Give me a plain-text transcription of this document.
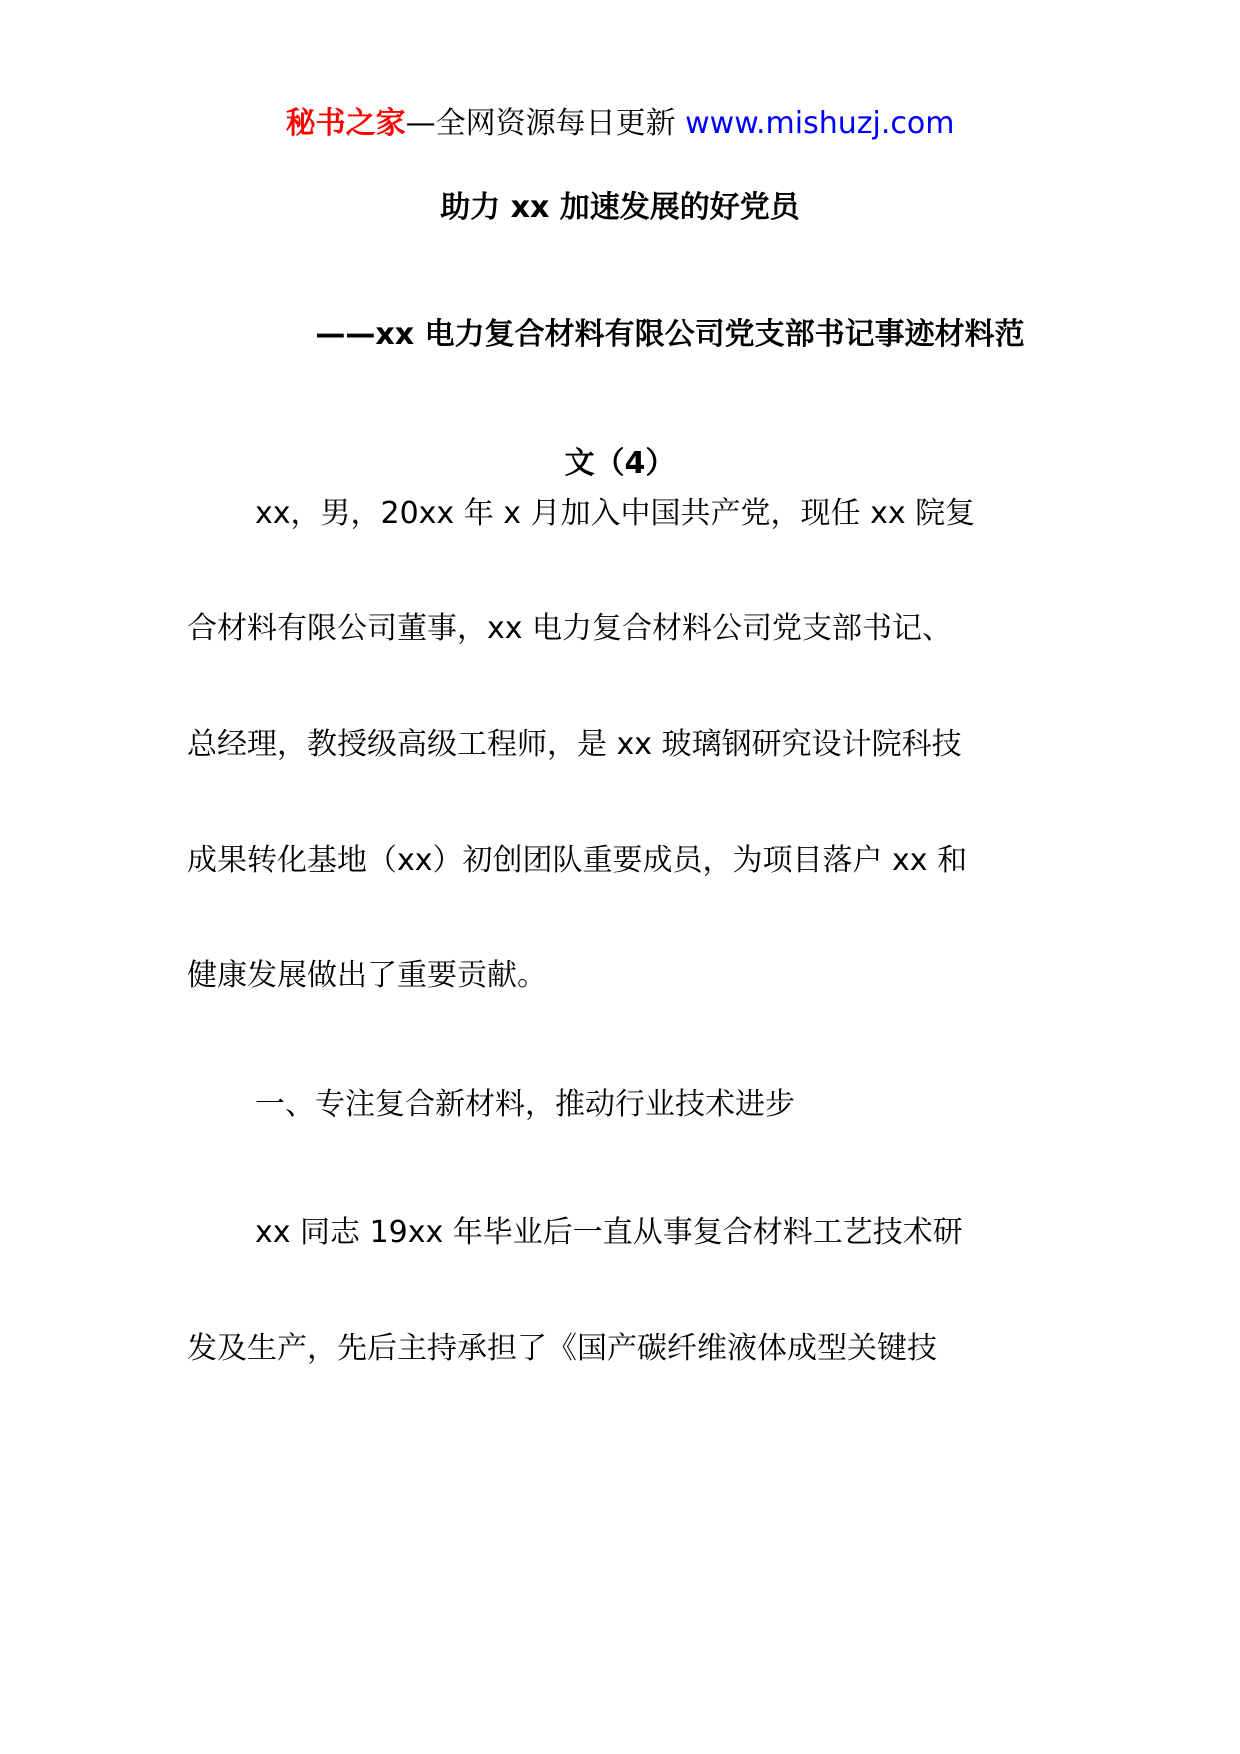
秘书之家—全网资源每日更新 www.mishuzj.com
助力 xx 加速发展的好党员
——xx 电力复合材料有限公司党支部书记事迹材料范
文（4）
xx，男，20xx 年 x 月加入中国共产党，现任 xx 院复
合材料有限公司董事，xx 电力复合材料公司党支部书记、
总经理，教授级高级工程师，是 xx 玻璃钢研究设计院科技
成果转化基地（xx）初创团队重要成员，为项目落户 xx 和
健康发展做出了重要贡献。
一、专注复合新材料，推动行业技术进步
xx 同志 19xx 年毕业后一直从事复合材料工艺技术研
发及生产，先后主持承担了《国产碳纤维液体成型关键技
